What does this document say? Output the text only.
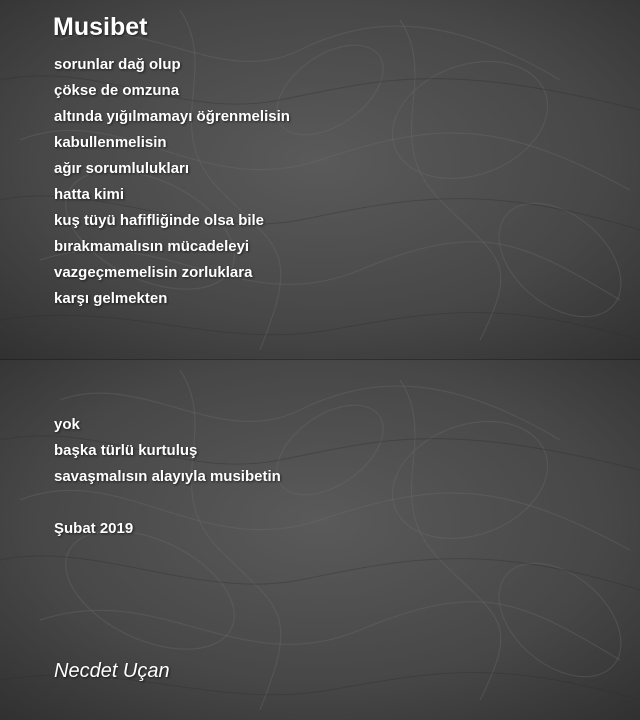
Musibet
sorunlar dağ olup
çökse de omzuna
altında yığılmamayı öğrenmelisin
kabullenmelisin
ağır sorumlulukları
hatta kimi
kuş tüyü hafifliğinde olsa bile
bırakmamalısın mücadeleyi
vazgeçmemelisin zorluklara
karşı gelmekten
yok
başka türlü kurtuluş
savaşmalısın alayıyla musibetin
Şubat 2019
Necdet Uçan
